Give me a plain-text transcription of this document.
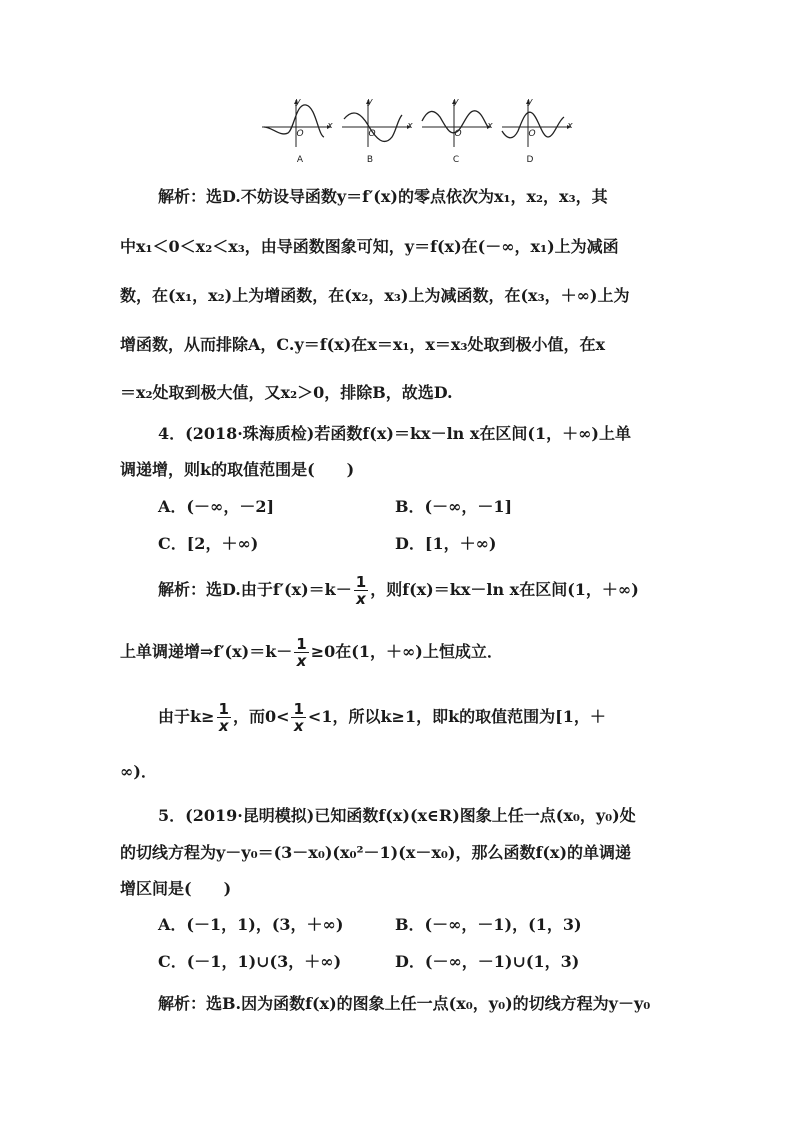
y
x
O
A
y
x
O
B
y
x
O
C
y
x
O
D
解析：选D.不妨设导函数y＝f′(x)的零点依次为x₁，x₂，x₃，其
中x₁＜0＜x₂＜x₃，由导函数图象可知，y＝f(x)在(－∞，x₁)上为减函
数，在(x₁，x₂)上为增函数，在(x₂，x₃)上为减函数，在(x₃，＋∞)上为
增函数，从而排除A，C.y＝f(x)在x＝x₁，x＝x₃处取到极小值，在x
＝x₂处取到极大值，又x₂＞0，排除B，故选D.
4．(2018·珠海质检)若函数f(x)＝kx－ln x在区间(1，＋∞)上单
调递增，则k的取值范围是(　　)
A．(－∞，－2]	B．(－∞，－1]
C．[2，＋∞)	D．[1，＋∞)
解析：选D.由于$f'(x)=k- \frac{1}{x}$ ，则f(x)＝kx－ln x在区间(1，＋∞)
上单调递增⇒f′(x)＝k－ $\frac{1}{x} \ge 0$在(1，＋∞)上恒成立．
由于$k\ge \frac{1}{x}$ ，而$0< \frac{1}{x} <1$，所以k≥1，即k的取值范围为[1，＋
∞)．
5．(2019·昆明模拟)已知函数f(x)(x∈R)图象上任一点(x₀，y₀)处
的切线方程为y－y₀＝(3－x₀)(x₀²－1)(x－x₀)，那么函数f(x)的单调递
增区间是(　　)
A．(－1，1)，(3，＋∞)	B．(－∞，－1)，(1，3)
C．(－1，1)∪(3，＋∞)	D．(－∞，－1)∪(1，3)
解析：选B.因为函数f(x)的图象上任一点(x₀，y₀)的切线方程为y－y₀
